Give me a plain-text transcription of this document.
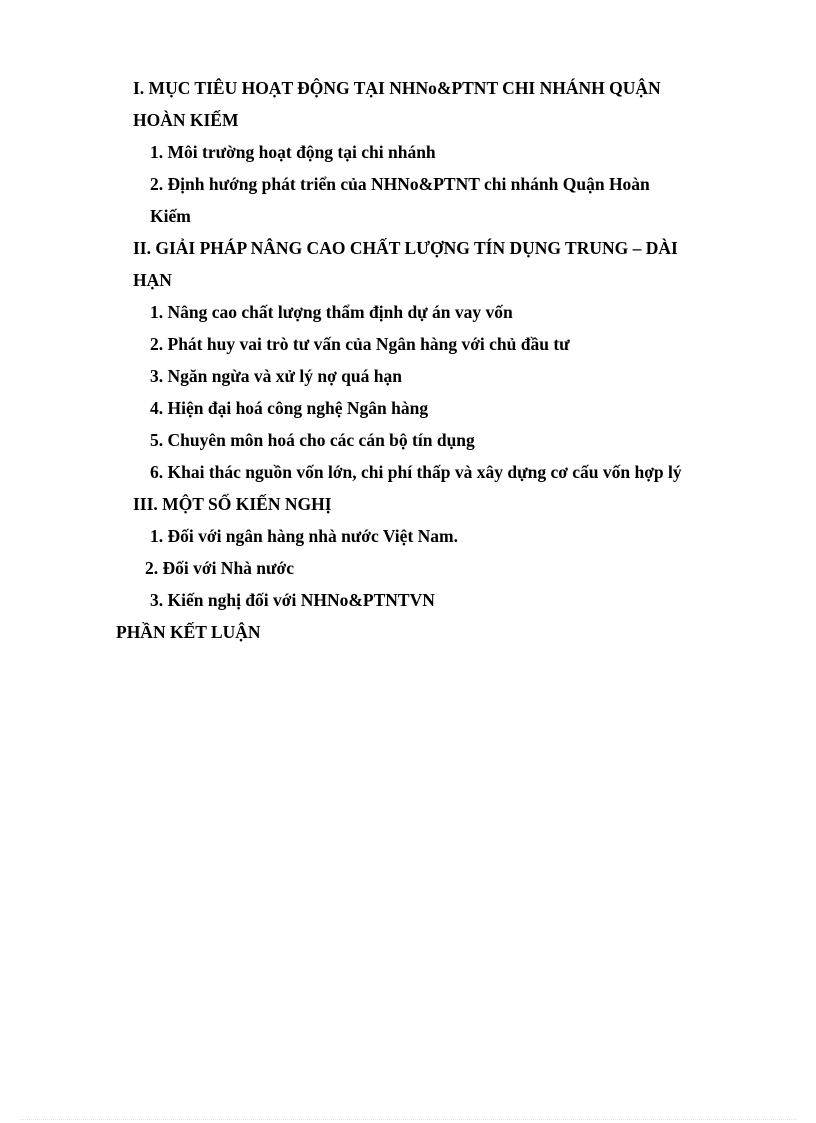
I. MỤC TIÊU HOẠT ĐỘNG TẠI NHNo&PTNT CHI NHÁNH QUẬN
HOÀN KIẾM
1. Môi trường hoạt động tại chi nhánh
2. Định hướng phát triển của NHNo&PTNT chi nhánh Quận Hoàn
Kiếm
II. GIẢI PHÁP NÂNG CAO CHẤT LƯỢNG TÍN DỤNG TRUNG – DÀI
HẠN
1. Nâng cao chất lượng thẩm định dự án vay vốn
2. Phát huy vai trò tư vấn của Ngân hàng với chủ đầu tư
3. Ngăn ngừa và xử lý nợ quá hạn
4. Hiện đại hoá công nghệ Ngân hàng
5. Chuyên môn hoá cho các cán bộ tín dụng
6. Khai thác nguồn vốn lớn, chi phí thấp và xây dựng cơ cấu vốn hợp lý
III. MỘT SỐ KIẾN NGHỊ
1. Đối với ngân hàng nhà nước Việt Nam.
2. Đối với Nhà nước
3. Kiến nghị đối với NHNo&PTNTVN
PHẦN KẾT LUẬN
